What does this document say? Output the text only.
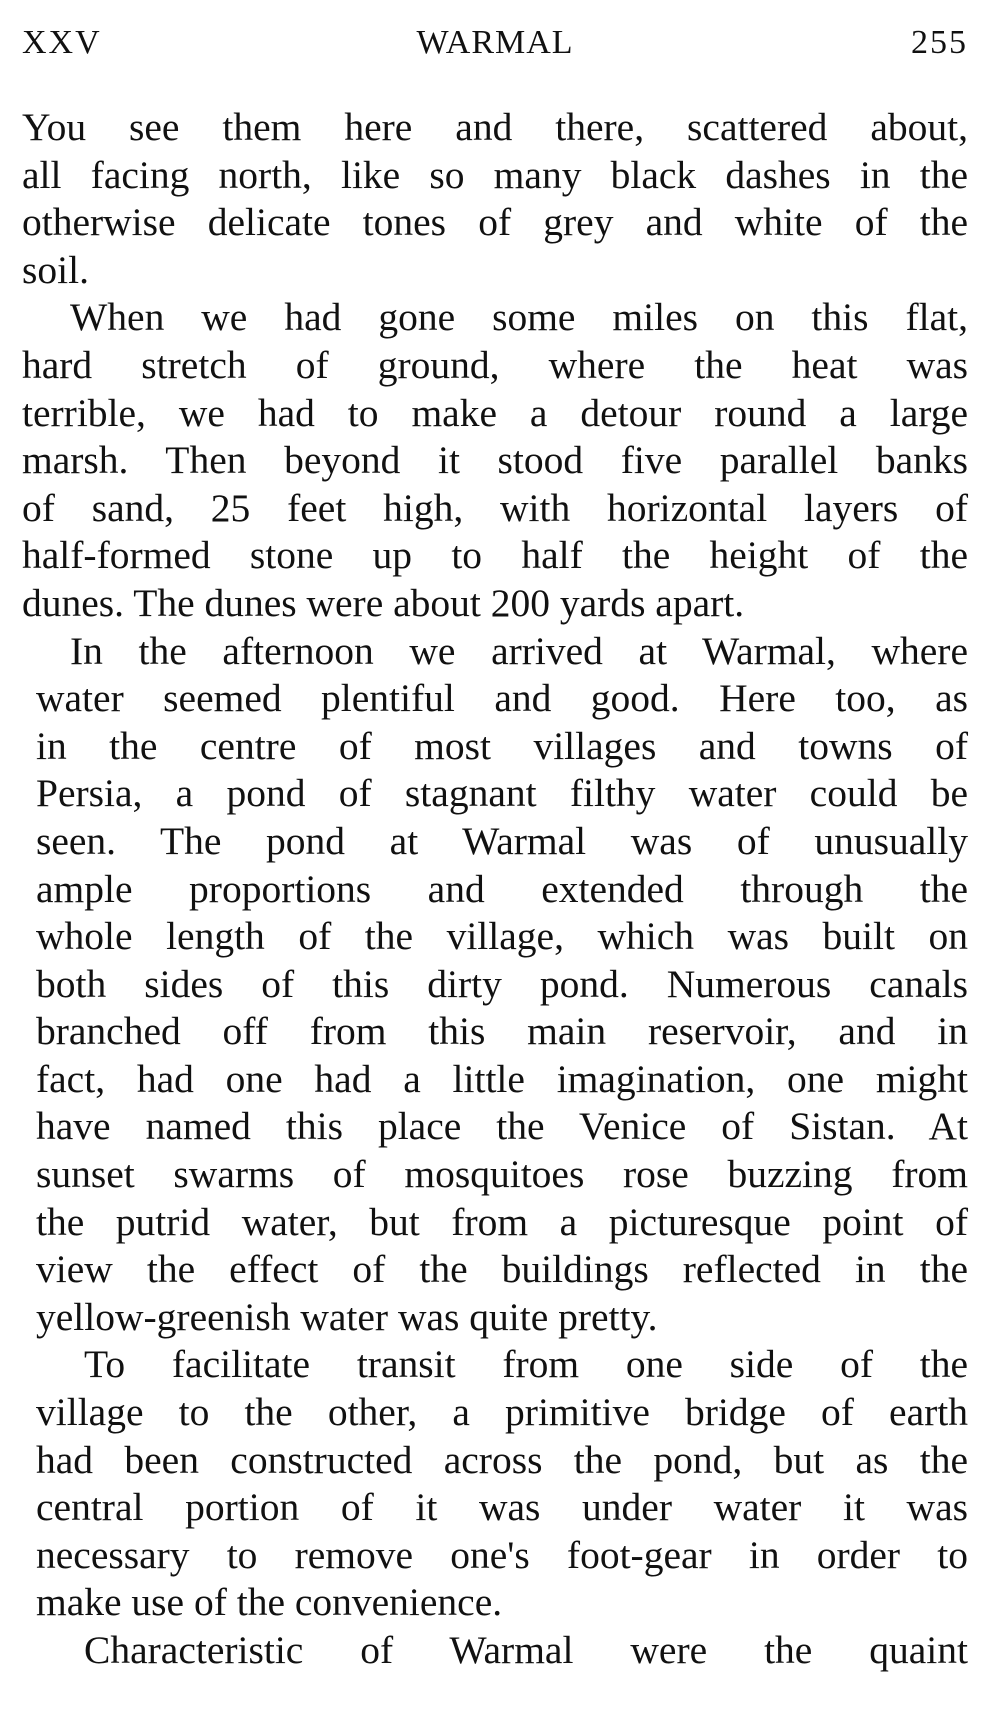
XXV	WARMAL	255
You see them here and there, scattered about,
all facing north, like so many black dashes in the
otherwise delicate tones of grey and white of the
soil.
When we had gone some miles on this flat,
hard stretch of ground, where the heat was
terrible, we had to make a detour round a large
marsh. Then beyond it stood five parallel banks
of sand, 25 feet high, with horizontal layers of
half-formed stone up to half the height of the
dunes. The dunes were about 200 yards apart.
In the afternoon we arrived at Warmal, where
water seemed plentiful and good. Here too, as
in the centre of most villages and towns of
Persia, a pond of stagnant filthy water could be
seen. The pond at Warmal was of unusually
ample proportions and extended through the
whole length of the village, which was built on
both sides of this dirty pond. Numerous canals
branched off from this main reservoir, and in
fact, had one had a little imagination, one might
have named this place the Venice of Sistan. At
sunset swarms of mosquitoes rose buzzing from
the putrid water, but from a picturesque point of
view the effect of the buildings reflected in the
yellow-greenish water was quite pretty.
To facilitate transit from one side of the
village to the other, a primitive bridge of earth
had been constructed across the pond, but as the
central portion of it was under water it was
necessary to remove one's foot-gear in order to
make use of the convenience.
Characteristic of Warmal were the quaint
